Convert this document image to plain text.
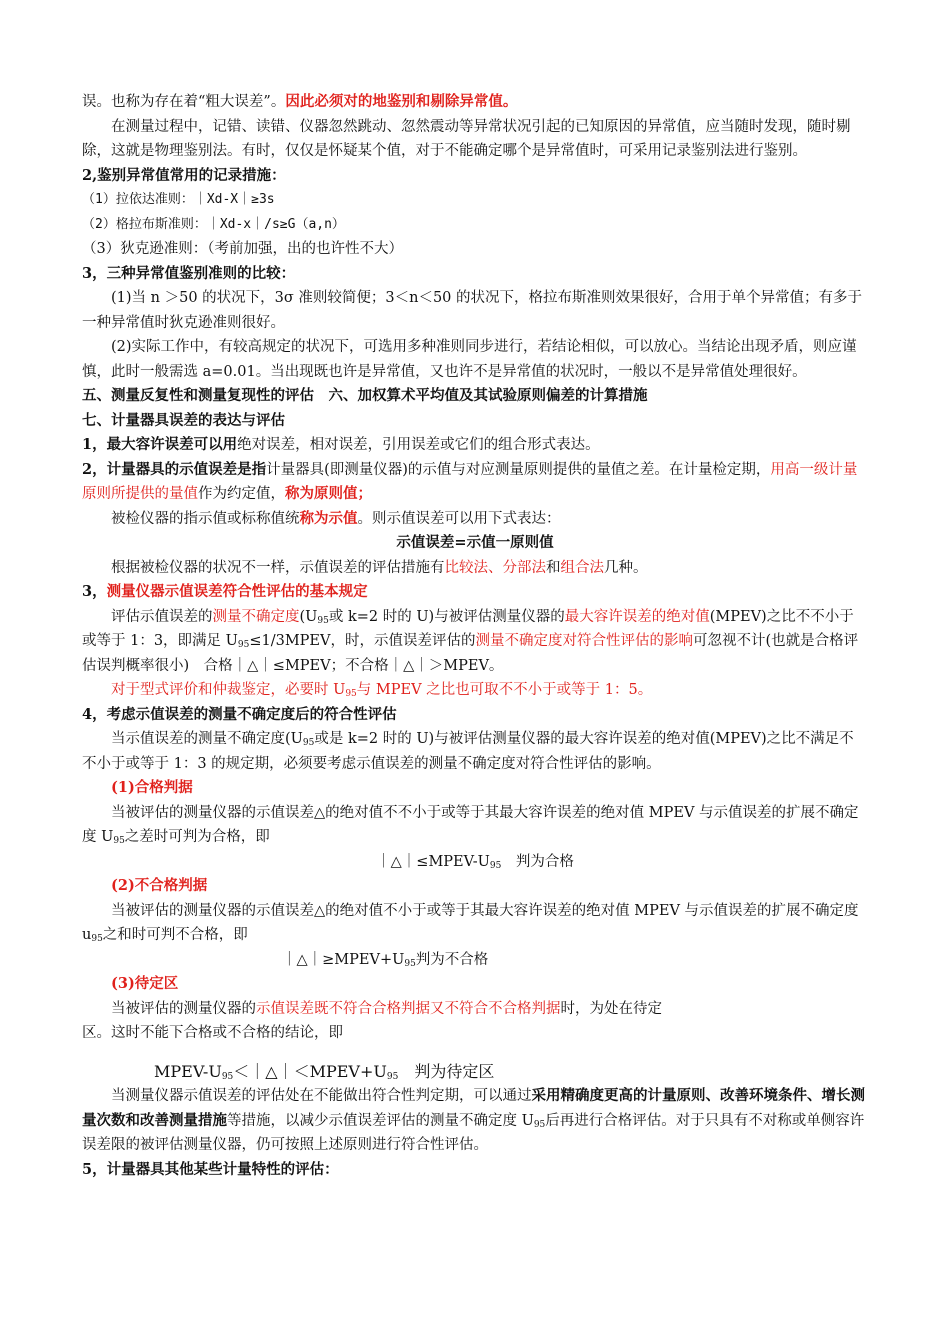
误。也称为存在着“粗大误差”。因此必须对的地鉴别和剔除异常值。

在测量过程中，记错、读错、仪器忽然跳动、忽然震动等异常状况引起的已知原因的异常值，应当随时发现，随时剔除，这就是物理鉴别法。有时，仅仅是怀疑某个值，对于不能确定哪个是异常值时，可采用记录鉴别法进行鉴别。

2,鉴别异常值常用的记录措施：

（1）拉依达准则：｜Xd-X｜≥3s

（2）格拉布斯准则：｜Xd-x｜/s≥G（a,n）

（3）狄克逊准则：（考前加强，出的也许性不大）

3，三种异常值鉴别准则的比较：

(1)当 n ＞50 的状况下，3σ 准则较简便；3＜n＜50 的状况下，格拉布斯准则效果很好，合用于单个异常值；有多于一种异常值时狄克逊准则很好。

(2)实际工作中，有较高规定的状况下，可选用多种准则同步进行，若结论相似，可以放心。当结论出现矛盾，则应谨慎，此时一般需选 a=0.01。当出现既也许是异常值，又也许不是异常值的状况时，一般以不是异常值处理很好。

五、测量反复性和测量复现性的评估　六、加权算术平均值及其试验原则偏差的计算措施

七、计量器具误差的表达与评估

1，最大容许误差可以用绝对误差，相对误差，引用误差或它们的组合形式表达。

2，计量器具的示值误差是指计量器具(即测量仪器)的示值与对应测量原则提供的量值之差。在计量检定期，用高一级计量原则所提供的量值作为约定值，称为原则值；

被检仪器的指示值或标称值统称为示值。则示值误差可以用下式表达：

示值误差=示值一原则值

根据被检仪器的状况不一样，示值误差的评估措施有比较法、分部法和组合法几种。

3，测量仪器示值误差符合性评估的基本规定

评估示值误差的测量不确定度($U_{95}$或 k=2 时的 U)与被评估测量仪器的最大容许误差的绝对值(MPEV)之比不不小于或等于 1：3，即满足 $U_{95}\le 1/3MPEV$，时，示值误差评估的测量不确定度对符合性评估的影响可忽视不计(也就是合格评估误判概率很小)　合格｜△｜≤MPEV；不合格｜△｜＞MPEV。

对于型式评价和仲裁鉴定，必要时 $U_{95}$与 MPEV 之比也可取不不小于或等于 1：5。

4，考虑示值误差的测量不确定度后的符合性评估

当示值误差的测量不确定度($U_{95}$或是 k=2 时的 U)与被评估测量仪器的最大容许误差的绝对值(MPEV)之比不满足不不小于或等于 1：3 的规定期，必须要考虑示值误差的测量不确定度对符合性评估的影响。

(1)合格判据

当被评估的测量仪器的示值误差△的绝对值不不小于或等于其最大容许误差的绝对值 MPEV 与示值误差的扩展不确定度 $U_{95}$之差时可判为合格，即

$|\triangle|\le MPEV-U_{95}$　判为合格

(2)不合格判据

当被评估的测量仪器的示值误差△的绝对值不小于或等于其最大容许误差的绝对值 MPEV 与示值误差的扩展不确定度 $u_{95}$之和时可判不合格，即

$|\triangle|\ge MPEV+U_{95}$判为不合格

(3)待定区

当被评估的测量仪器的示值误差既不符合合格判据又不符合不合格判据时，为处在待定

区。这时不能下合格或不合格的结论，即

MPEV-$U_{95}<|\triangle|<MPEV+U_{95}$　判为待定区

当测量仪器示值误差的评估处在不能做出符合性判定期，可以通过采用精确度更高的计量原则、改善环境条件、增长测量次数和改善测量措施等措施，以减少示值误差评估的测量不确定度 $U_{95}$后再进行合格评估。对于只具有不对称或单侧容许误差限的被评估测量仪器，仍可按照上述原则进行符合性评估。

5，计量器具其他某些计量特性的评估：
